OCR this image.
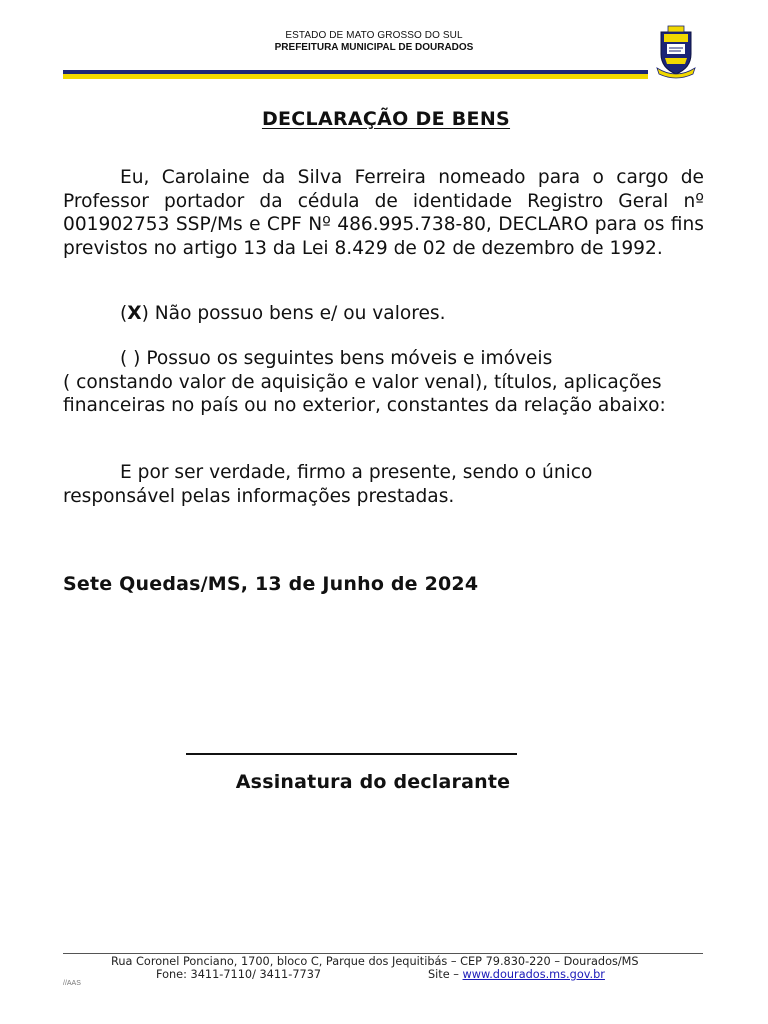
ESTADO DE MATO GROSSO DO SUL
PREFEITURA MUNICIPAL DE DOURADOS
DECLARAÇÃO DE BENS
Eu, Carolaine da Silva Ferreira nomeado para o cargo de Professor portador da cédula de identidade Registro Geral nº 001902753 SSP/Ms e CPF Nº 486.995.738-80, DECLARO para os fins previstos no artigo 13 da Lei 8.429 de 02 de dezembro de 1992.
(X) Não possuo bens e/ ou valores.
( ) Possuo os seguintes bens móveis e imóveis
( constando valor de aquisição e valor venal), títulos, aplicações financeiras no país ou no exterior, constantes da relação abaixo:
E por ser verdade, firmo a presente, sendo o único
responsável pelas informações prestadas.
Sete Quedas/MS, 13 de Junho de 2024
Assinatura do declarante
Rua Coronel Ponciano, 1700, bloco C, Parque dos Jequitibás – CEP 79.830-220 – Dourados/MS
Fone: 3411-7110/ 3411-7737	Site – www.dourados.ms.gov.br
//AAS
